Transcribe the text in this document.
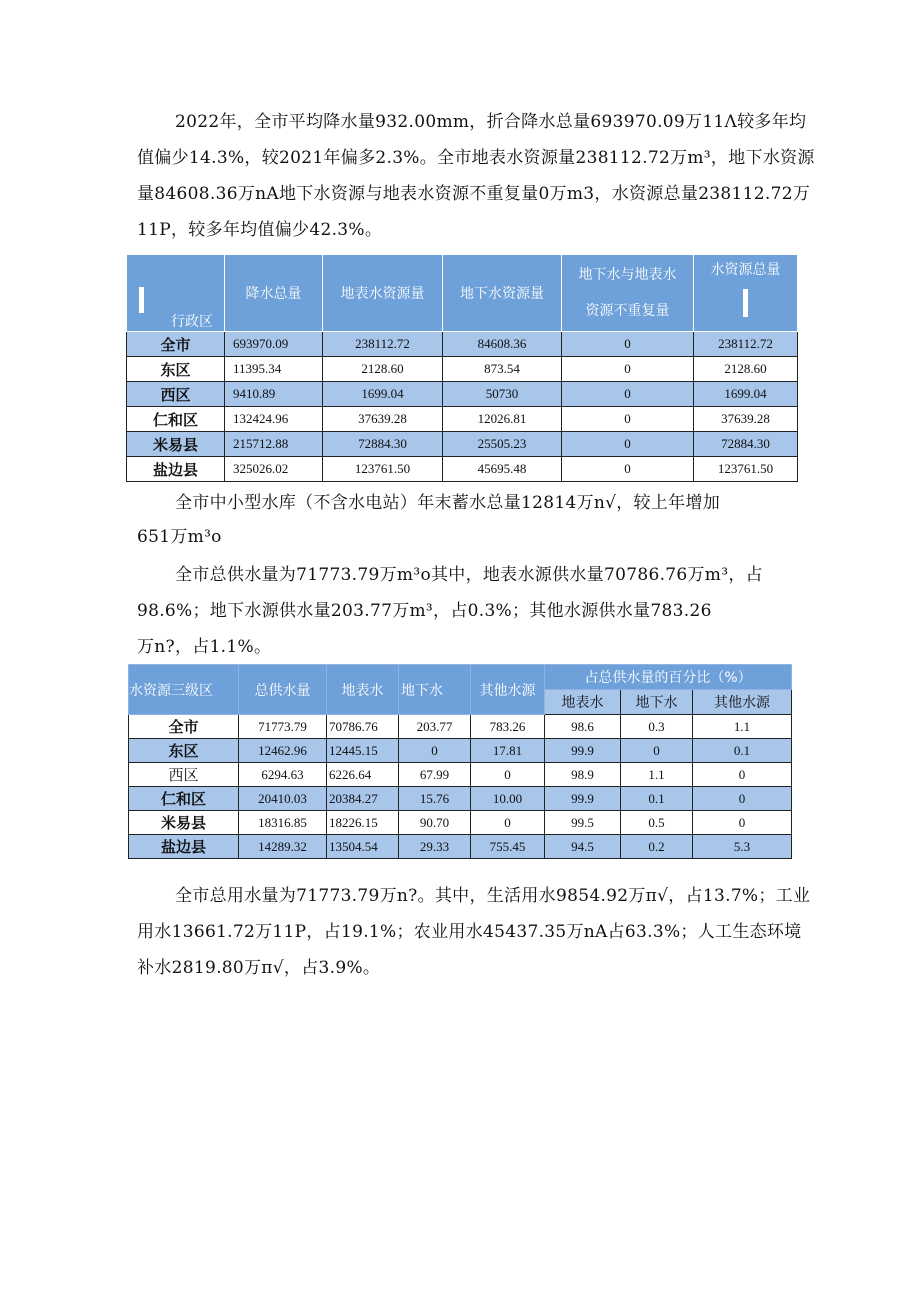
2022年，全市平均降水量932.00mm，折合降水总量693970.09万11Λ较多年均值偏少14.3%，较2021年偏多2.3%。全市地表水资源量238112.72万m³，地下水资源量84608.36万nA地下水资源与地表水资源不重复量0万m3，水资源总量238112.72万11P，较多年均值偏少42.3%。

行政区	降水总量	地表水资源量	地下水资源量	地下水与地表水资源不重复量	水资源总量

全市	693970.09	238112.72	84608.36	0	238112.72
东区	11395.34	2128.60	873.54	0	2128.60
西区	9410.89	1699.04	50730	0	1699.04
仁和区	132424.96	37639.28	12026.81	0	37639.28
米易县	215712.88	72884.30	25505.23	0	72884.30
盐边县	325026.02	123761.50	45695.48	0	123761.50
全市中小型水库（不含水电站）年末蓄水总量12814万n√，较上年增加
651万m³o
全市总供水量为71773.79万m³o其中，地表水源供水量70786.76万m³，占
98.6%；地下水源供水量203.77万m³，占0.3%；其他水源供水量783.26
万n?，占1.1%。
水资源三级区	总供水量	地表水	地下水	其他水源	占总供水量的百分比（%）		
					地表水	地下水	其他水源
全市	71773.79	70786.76	203.77	783.26	98.6	0.3	1.1
东区	12462.96	12445.15	0	17.81	99.9	0	0.1
西区	6294.63	6226.64	67.99	0	98.9	1.1	0
仁和区	20410.03	20384.27	15.76	10.00	99.9	0.1	0
米易县	18316.85	18226.15	90.70	0	99.5	0.5	0
盐边县	14289.32	13504.54	29.33	755.45	94.5	0.2	5.3

全市总用水量为71773.79万n?。其中，生活用水9854.92万π√，占13.7%；工业用水13661.72万11P，占19.1%；农业用水45437.35万nA占63.3%；人工生态环境补水2819.80万π√，占3.9%。
